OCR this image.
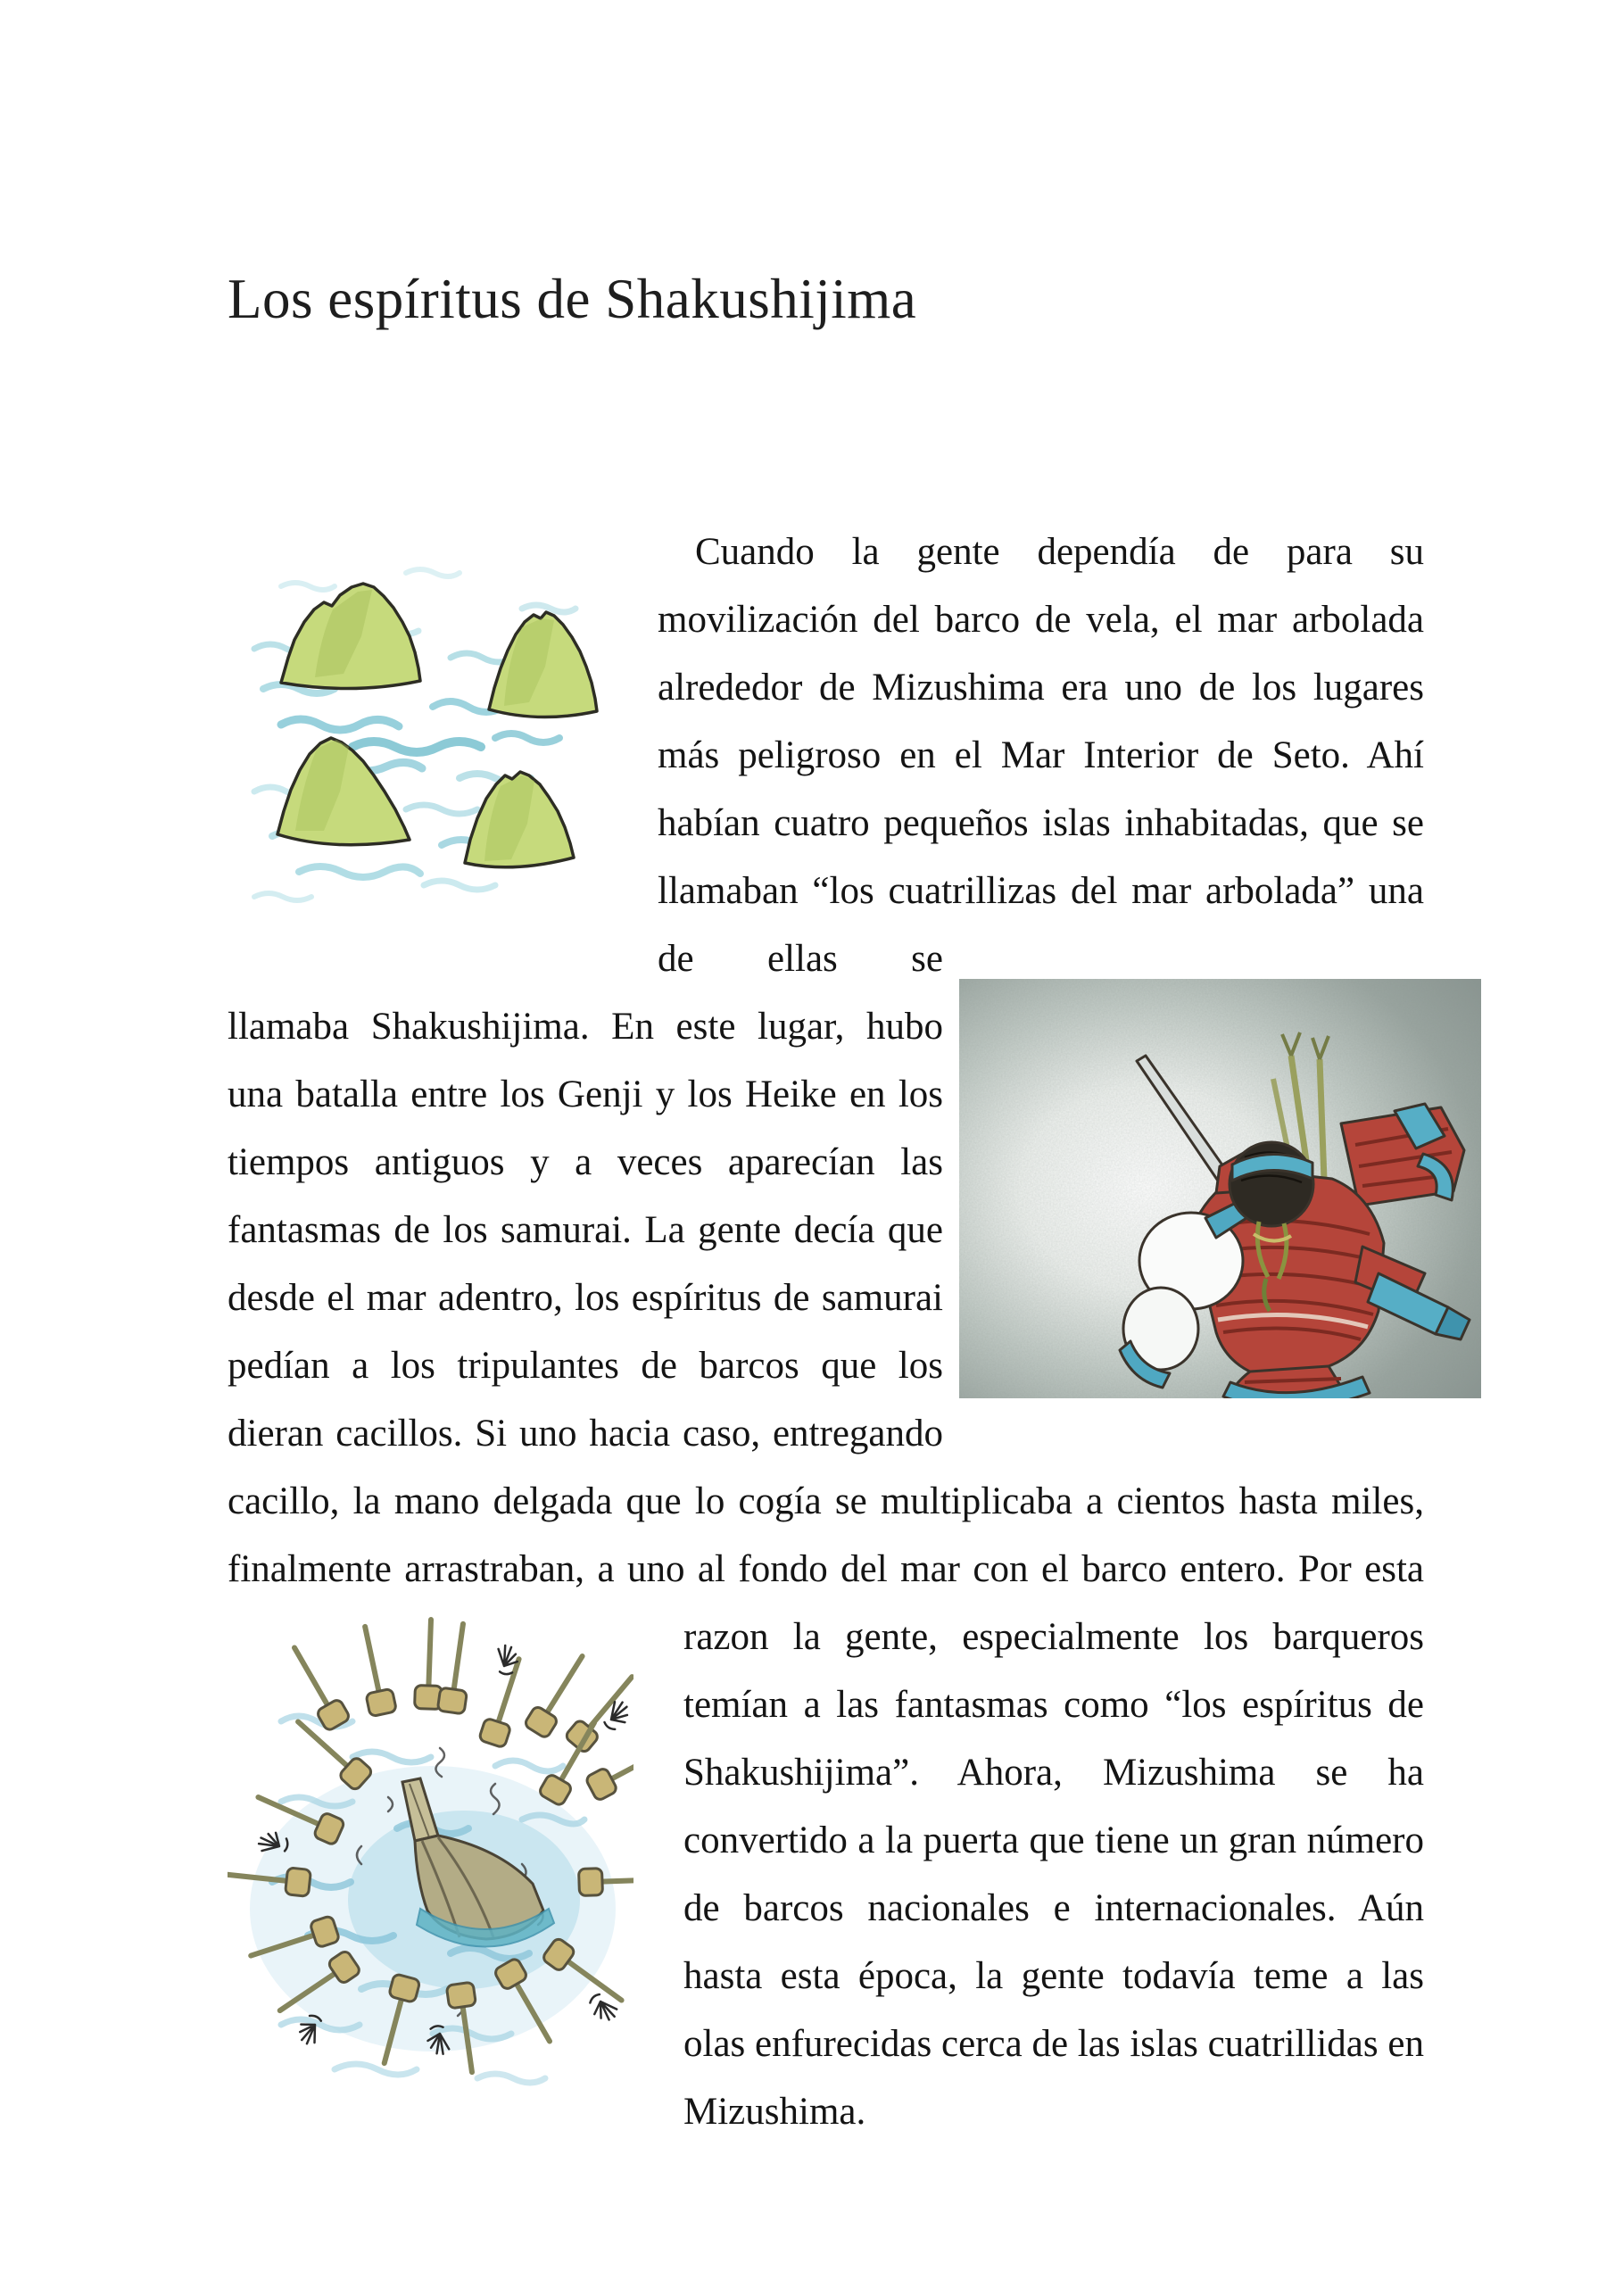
Los espíritus de Shakushijima

Cuando la gente dependía de para su movilización del barco de vela, el mar arbolada alrededor de Mizushima era uno de los lugares más peligroso en el Mar Interior de Seto. Ahí habían cuatro pequeños islas inhabitadas, que se llamaban “los cuatrillizas del mar arbolada” una de ellas se llamaba Shakushijima. En este lugar, hubo una batalla entre los Genji y los Heike en los tiempos antiguos y a veces aparecían las fantasmas de los samurai. La gente decía que desde el mar adentro, los espíritus de samurai pedían a los tripulantes de barcos que los dieran cacillos. Si uno hacia caso, entregando cacillo, la mano delgada que lo cogía se multiplicaba a cientos hasta miles, finalmente arrastraban, a uno al fondo del mar con el barco entero. Por esta razon la gente, especialmente los barqueros temían a las fantasmas como “los espíritus de Shakushijima”. Ahora, Mizushima se ha convertido a la puerta que tiene un gran número de barcos nacionales e internacionales. Aún hasta esta época, la gente todavía teme a las olas enfurecidas cerca de las islas cuatrillidas en Mizushima.
